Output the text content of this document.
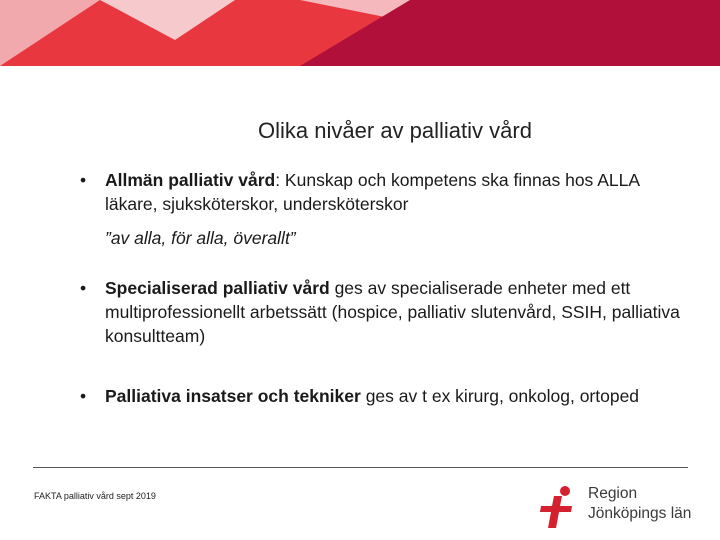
Olika nivåer av palliativ vård
• Allmän palliativ vård: Kunskap och kompetens ska finnas hos ALLA läkare, sjuksköterskor, undersköterskor
”av alla, för alla, överallt”
• Specialiserad palliativ vård ges av specialiserade enheter med ett multiprofessionellt arbetssätt (hospice, palliativ slutenvård, SSIH, palliativa konsultteam)
• Palliativa insatser och tekniker ges av t ex kirurg, onkolog, ortoped
FAKTA palliativ vård sept 2019	Region
Jönköpings län
